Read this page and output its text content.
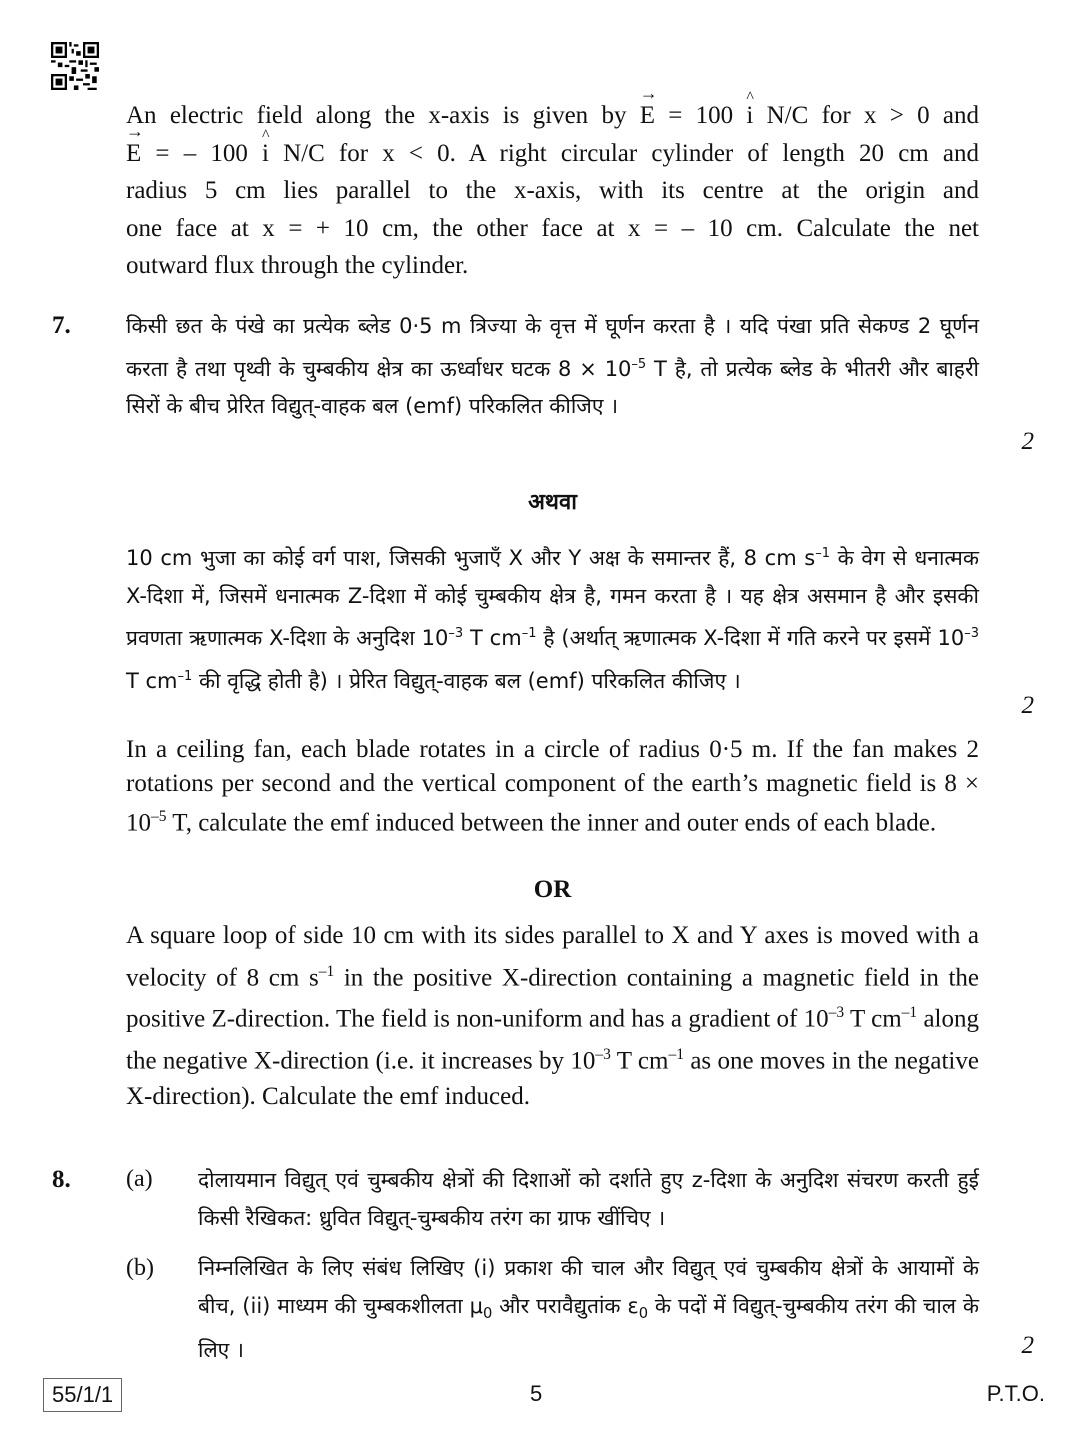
An electric field along the x-axis is given by → E = 100 ^ i N/C for x > 0 and
→ E = – 100 ^ i N/C for x < 0. A right circular cylinder of length 20 cm and
radius 5 cm lies parallel to the x-axis, with its centre at the origin and
one face at x = + 10 cm, the other face at x = – 10 cm. Calculate the net
outward flux through the cylinder.
7.	किसी छत के पंखे का प्रत्येक ब्लेड 0·5 m त्रिज्या के वृत्त में घूर्णन करता है । यदि पंखा प्रति सेकण्ड 2 घूर्णन करता है तथा पृथ्वी के चुम्बकीय क्षेत्र का ऊर्ध्वाधर घटक $8 \times 10^{-5}$ T है, तो प्रत्येक ब्लेड के भीतरी और बाहरी सिरों के बीच प्रेरित विद्युत्-वाहक बल (emf) परिकलित कीजिए ।
2
अथवा
10 cm भुजा का कोई वर्ग पाश, जिसकी भुजाएँ X और Y अक्ष के समान्तर हैं, 8 cm $s^{-1}$ के वेग से धनात्मक X-दिशा में, जिसमें धनात्मक Z-दिशा में कोई चुम्बकीय क्षेत्र है, गमन करता है । यह क्षेत्र असमान है और इसकी प्रवणता ऋणात्मक X-दिशा के अनुदिश $10^{-3}$ T $cm^{-1}$ है (अर्थात् ऋणात्मक X-दिशा में गति करने पर इसमें $10^{-3}$ T $cm^{-1}$ की वृद्धि होती है) । प्रेरित विद्युत्-वाहक बल (emf) परिकलित कीजिए ।
2
In a ceiling fan, each blade rotates in a circle of radius 0·5 m. If the fan makes 2 rotations per second and the vertical component of the earth’s magnetic field is $8 \times 10^{-5}$ T, calculate the emf induced between the inner and outer ends of each blade.
OR
A square loop of side 10 cm with its sides parallel to X and Y axes is moved with a velocity of 8 cm $s^{-1}$ in the positive X-direction containing a magnetic field in the positive Z-direction. The field is non-uniform and has a gradient of $10^{-3}$ T $cm^{-1}$ along the negative X-direction (i.e. it increases by $10^{-3}$ T $cm^{-1}$ as one moves in the negative X-direction). Calculate the emf induced.
8. (a) दोलायमान विद्युत् एवं चुम्बकीय क्षेत्रों की दिशाओं को दर्शाते हुए z-दिशा के अनुदिश संचरण करती हुई किसी रैखिकत: ध्रुवित विद्युत्-चुम्बकीय तरंग का ग्राफ खींचिए ।
(b) निम्नलिखित के लिए संबंध लिखिए (i) प्रकाश की चाल और विद्युत् एवं चुम्बकीय क्षेत्रों के आयामों के बीच, (ii) माध्यम की चुम्बकशीलता $\mu_0$ और परावैद्युतांक $\varepsilon_0$ के पदों में विद्युत्-चुम्बकीय तरंग की चाल के लिए ।	2
55/1/1	5	P.T.O.
